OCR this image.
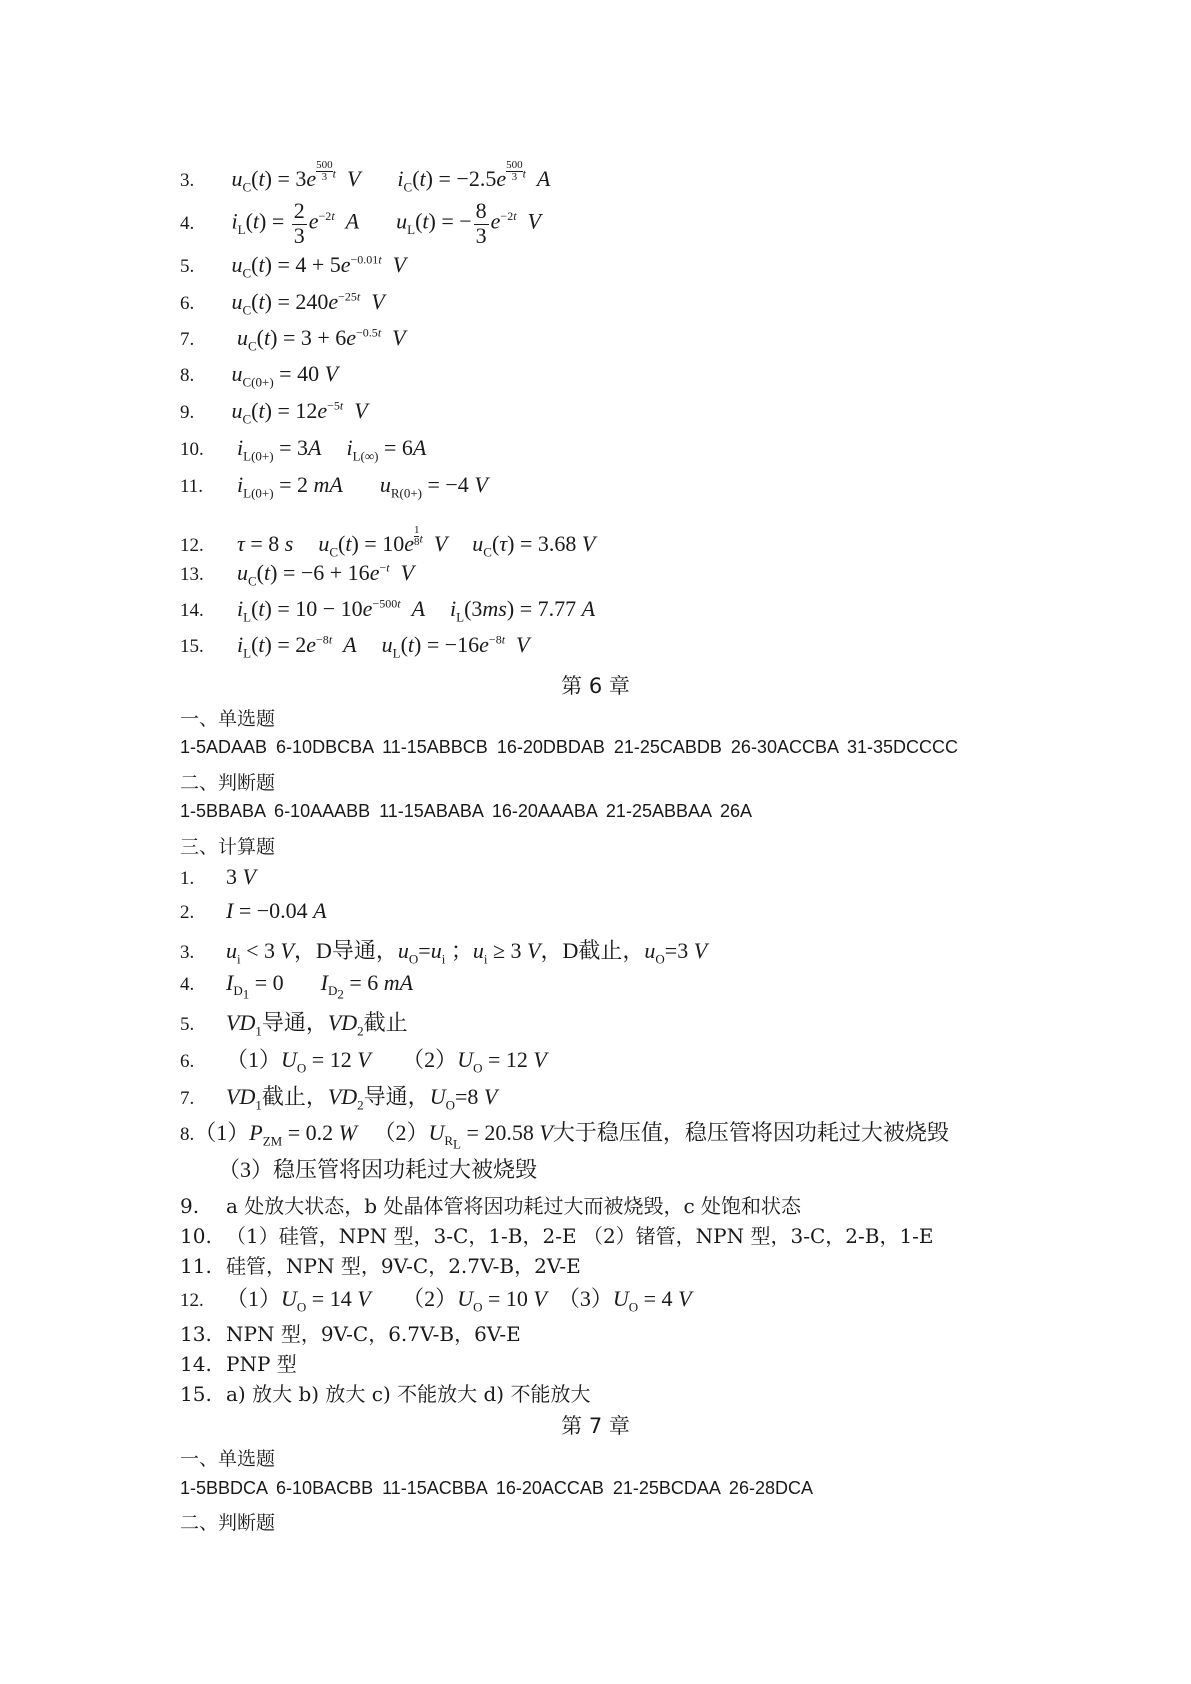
3. $u_C(t) = 3e \frac{500}{3} ^t$ V $i_C(t) = -2.5e \frac{500}{3} ^t$ A
4. $i_L(t) = \frac{2}{3} e^{-2t}$ A $u_L(t)$ = − $\frac{8}{3} e^{-2t}$ V
5. $u_C(t) = 4 + 5e^{-0.01t}$ V
6. $u_C(t) = 240e^{-25t}$ V
7. $u_C(t) = 3 + 6e^{-0.5t}$ V
8. $u_{C(0+)} = 40$ V
9. $u_C(t) = 12e^{-5t}$ V
10. $i_{L(0+)} = 3A$ $i_{L(\infty)} = 6A$
11. $i_{L(0+)} = 2$ mA $u_{R(0+)} = -4$ V
12. τ = 8 s $u_C(t) = 10e \frac{1}{8} ^t$ V $u_C(\tau) = 3.68$ V
13. $u_C(t) = -6 + 16e^{-t}$ V
14. $i_L(t) = 10 - 10e^{-500t}$ A $i_L(3ms) = 7.77$ A
15. $i_L(t) = 2e^{-8t}$ A $u_L(t) = -16e^{-8t}$ V
第 6 章
一、单选题
1-5ADAAB 6-10DBCBA 11-15ABBCB 16-20DBDAB 21-25CABDB 26-30ACCBA 31-35DCCCC
二、判断题
1-5BBABA 6-10AAABB 11-15ABABA 16-20AAABA 21-25ABBAA 26A
三、计算题
1. 3 V
2. I = −0.04 A
3. $u_i < 3$ V，D导通，$u_O=u_i$ ；$u_i \ge 3$ V，D截止，$u_O=3$ V
4. $I_{D_1} = 0$  $I_{D_2} = 6$ mA
5. $VD_1$导通，$VD_2$截止
6. $(1)U_O = 12$ V $(2)U_O = 12$ V
7. $VD_1$截止，$VD_2$导通，$U_O=8$ V
$8.(1)P_{ZM} = 0.2$ W   $(2)U_{R_L} = 20.58$ V大于稳压值，稳压管将因功耗过大被烧毁
（3）稳压管将因功耗过大被烧毁
9. a 处放大状态，b 处晶体管将因功耗过大而被烧毁，c 处饱和状态
10. （1）硅管，NPN 型，3-C，1-B，2-E （2）锗管，NPN 型，3-C，2-B，1-E
11. 硅管，NPN 型，9V-C，2.7V-B，2V-E
12. $(1)U_O = 14$ V $(2)U_O = 10$ V  $(3)U_O = 4$ V
13. NPN 型，9V-C，6.7V-B，6V-E
14. PNP 型
15. a) 放大 b) 放大 c) 不能放大 d) 不能放大
第 7 章
一、单选题
1-5BBDCA 6-10BACBB 11-15ACBBA 16-20ACCAB 21-25BCDAA 26-28DCA
二、判断题
